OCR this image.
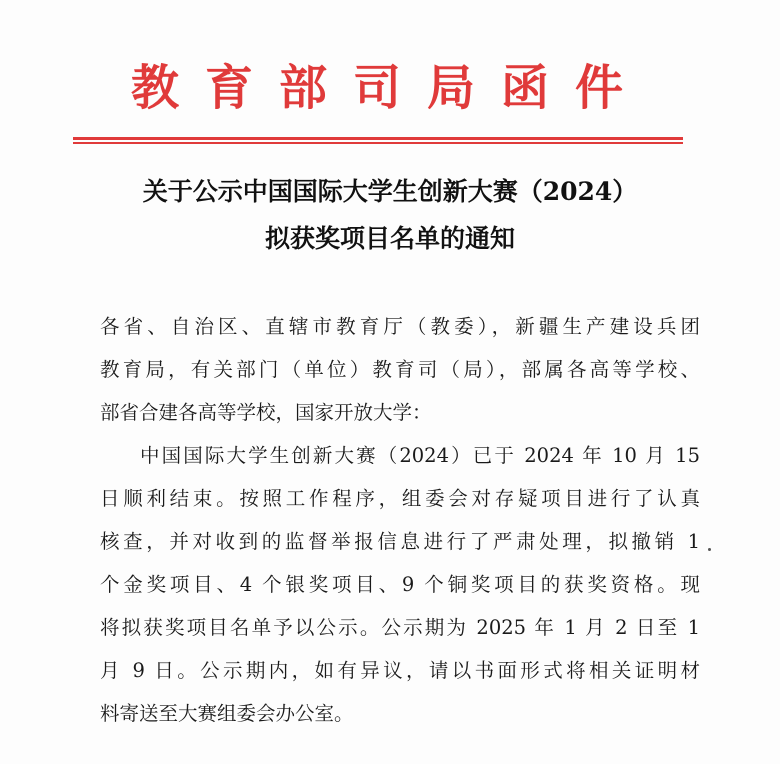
教育部司局函件
关于公示中国国际大学生创新大赛（2024）
拟获奖项目名单的通知
各省、自治区、直辖市教育厅（教委），新疆生产建设兵团
教育局，有关部门（单位）教育司（局），部属各高等学校、
部省合建各高等学校，国家开放大学：
中国国际大学生创新大赛（2024）已于 2024 年 10 月 15
日顺利结束。按照工作程序，组委会对存疑项目进行了认真
核查，并对收到的监督举报信息进行了严肃处理，拟撤销 1
个金奖项目、4 个银奖项目、9 个铜奖项目的获奖资格。现
将拟获奖项目名单予以公示。公示期为 2025 年 1 月 2 日至 1
月 9 日。公示期内，如有异议，请以书面形式将相关证明材
料寄送至大赛组委会办公室。
